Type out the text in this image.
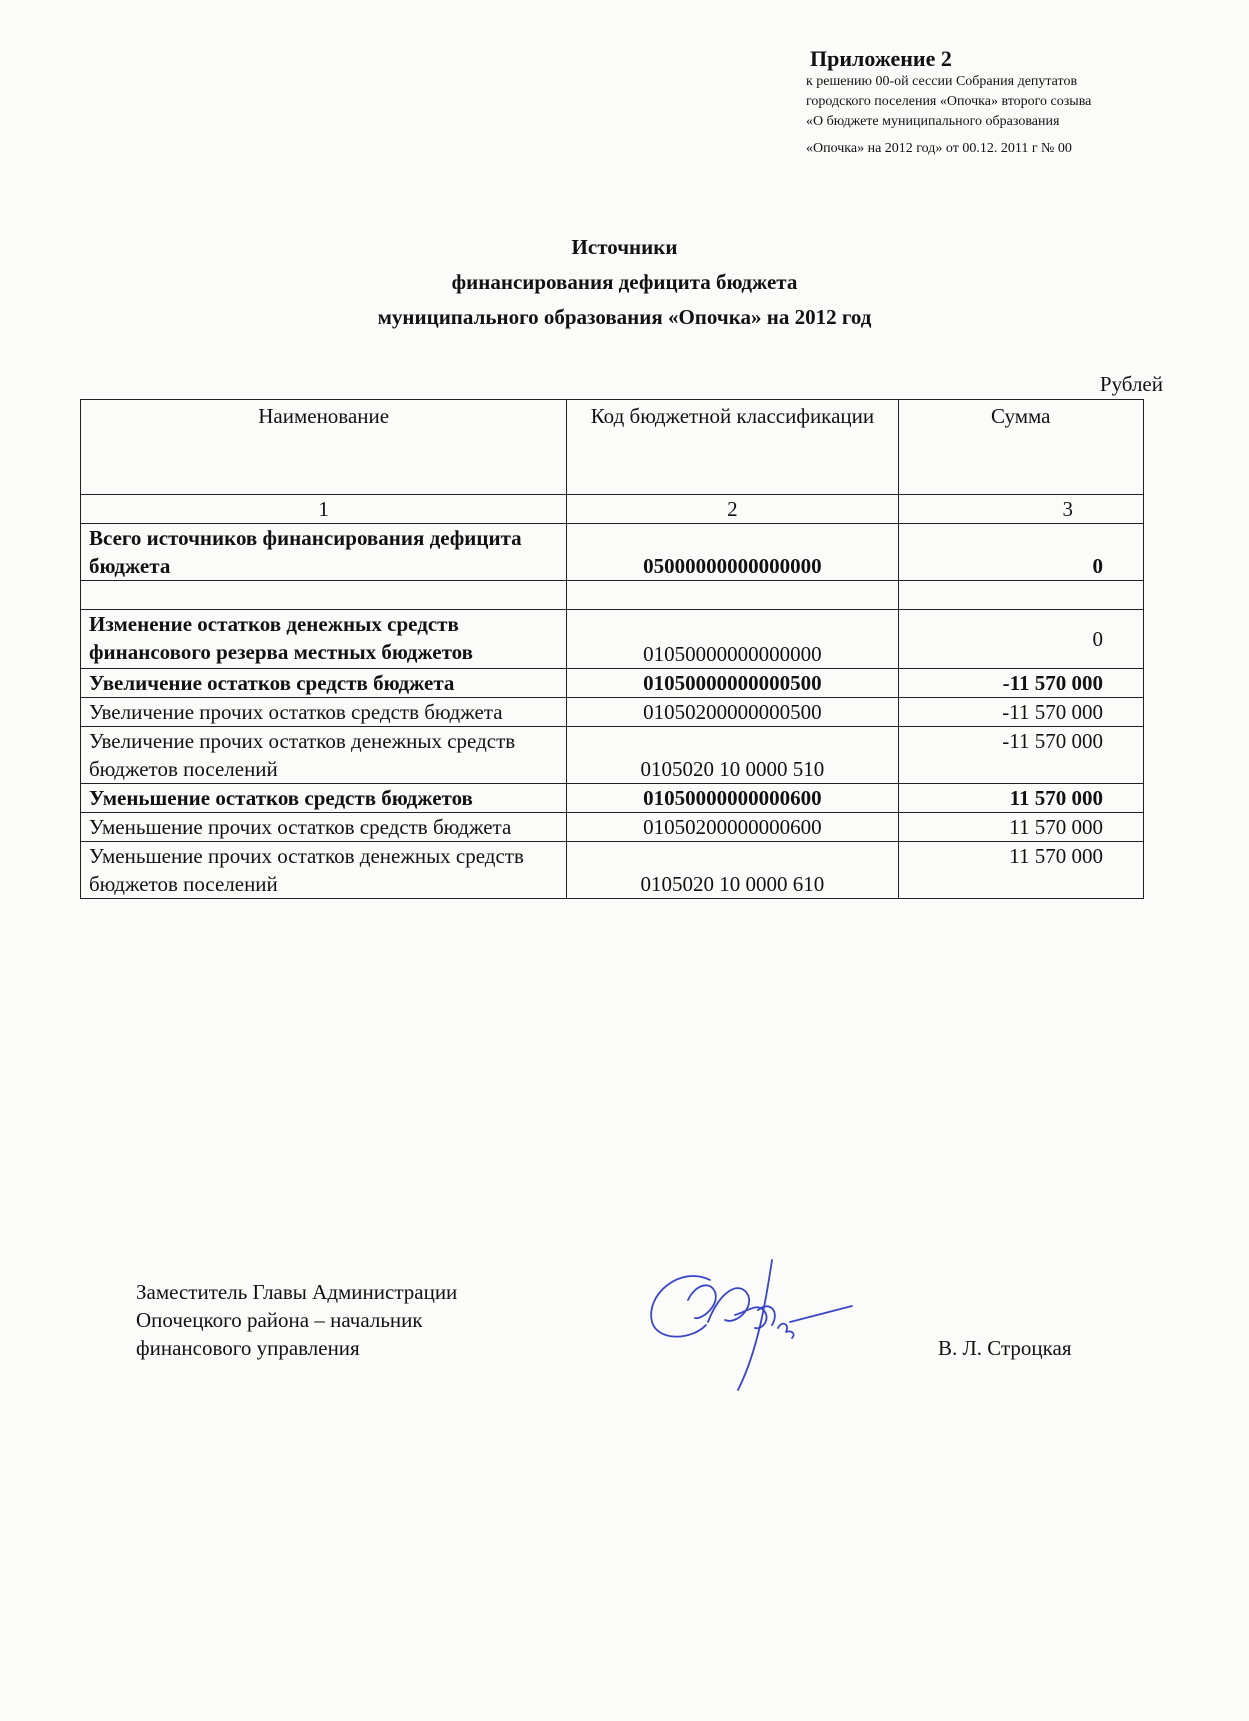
Приложение 2
к решению 00-ой сессии Собрания депутатов
городского поселения «Опочка» второго созыва
«О бюджете муниципального образования
«Опочка» на 2012 год» от 00.12. 2011 г № 00
Источники
финансирования дефицита бюджета
муниципального образования «Опочка» на 2012 год
Рублей
Наименование	Код бюджетной классификации	Сумма
1	2	3
Всего источников финансирования дефицита бюджета	05000000000000000	0

Изменение остатков денежных средств финансового резерва местных бюджетов	01050000000000000	0
Увеличение остатков средств бюджета	01050000000000500	-11 570 000
Увеличение прочих остатков средств бюджета	01050200000000500	-11 570 000
Увеличение прочих остатков денежных средств бюджетов поселений	0105020 10 0000 510	-11 570 000
Уменьшение остатков средств бюджетов	01050000000000600	11 570 000
Уменьшение прочих остатков средств бюджета	01050200000000600	11 570 000
Уменьшение прочих остатков денежных средств бюджетов поселений	0105020 10 0000 610	11 570 000
Заместитель Главы Администрации
Опочецкого района – начальник
финансового управления	В. Л. Строцкая
